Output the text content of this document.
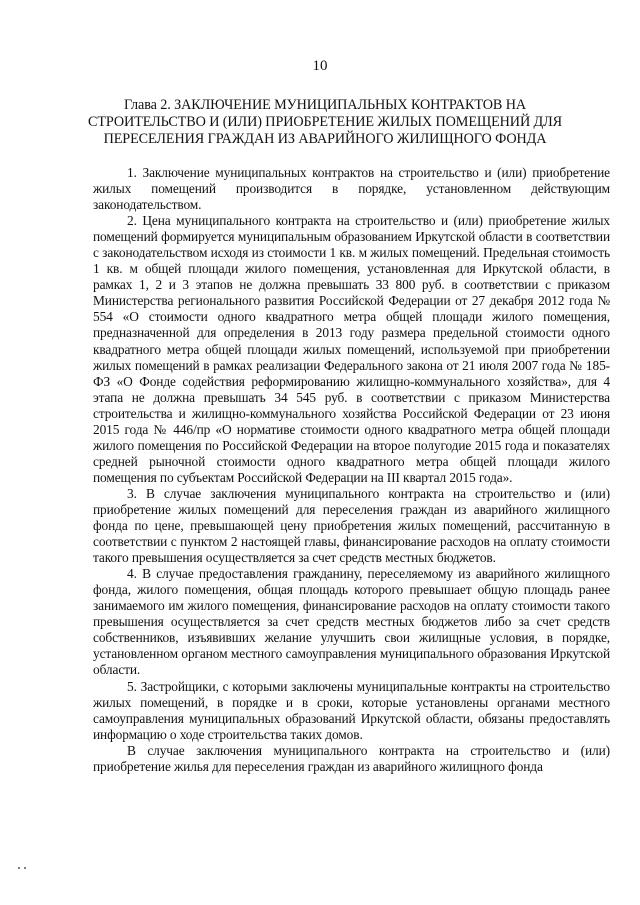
10
Глава 2. ЗАКЛЮЧЕНИЕ МУНИЦИПАЛЬНЫХ КОНТРАКТОВ НА СТРОИТЕЛЬСТВО И (ИЛИ) ПРИОБРЕТЕНИЕ ЖИЛЫХ ПОМЕЩЕНИЙ ДЛЯ ПЕРЕСЕЛЕНИЯ ГРАЖДАН ИЗ АВАРИЙНОГО ЖИЛИЩНОГО ФОНДА

1. Заключение муниципальных контрактов на строительство и (или) приобретение жилых помещений производится в порядке, установленном действующим законодательством.

2. Цена муниципального контракта на строительство и (или) приобретение жилых помещений формируется муниципальным образованием Иркутской области в соответствии с законодательством исходя из стоимости 1 кв. м жилых помещений. Предельная стоимость 1 кв. м общей площади жилого помещения, установленная для Иркутской области, в рамках 1, 2 и 3 этапов не должна превышать 33 800 руб. в соответствии с приказом Министерства регионального развития Российской Федерации от 27 декабря 2012 года № 554 «О стоимости одного квадратного метра общей площади жилого помещения, предназначенной для определения в 2013 году размера предельной стоимости одного квадратного метра общей площади жилых помещений, используемой при приобретении жилых помещений в рамках реализации Федерального закона от 21 июля 2007 года № 185-ФЗ «О Фонде содействия реформированию жилищно-коммунального хозяйства», для 4 этапа не должна превышать 34 545 руб. в соответствии с приказом Министерства строительства и жилищно-коммунального хозяйства Российской Федерации от 23 июня 2015 года № 446/пр «О нормативе стоимости одного квадратного метра общей площади жилого помещения по Российской Федерации на второе полугодие 2015 года и показателях средней рыночной стоимости одного квадратного метра общей площади жилого помещения по субъектам Российской Федерации на III квартал 2015 года».

3. В случае заключения муниципального контракта на строительство и (или) приобретение жилых помещений для переселения граждан из аварийного жилищного фонда по цене, превышающей цену приобретения жилых помещений, рассчитанную в соответствии с пунктом 2 настоящей главы, финансирование расходов на оплату стоимости такого превышения осуществляется за счет средств местных бюджетов.

4. В случае предоставления гражданину, переселяемому из аварийного жилищного фонда, жилого помещения, общая площадь которого превышает общую площадь ранее занимаемого им жилого помещения, финансирование расходов на оплату стоимости такого превышения осуществляется за счет средств местных бюджетов либо за счет средств собственников, изъявивших желание улучшить свои жилищные условия, в порядке, установленном органом местного самоуправления муниципального образования Иркутской области.

5. Застройщики, с которыми заключены муниципальные контракты на строительство жилых помещений, в порядке и в сроки, которые установлены органами местного самоуправления муниципальных образований Иркутской области, обязаны предоставлять информацию о ходе строительства таких домов.

В случае заключения муниципального контракта на строительство и (или) приобретение жилья для переселения граждан из аварийного жилищного фонда
